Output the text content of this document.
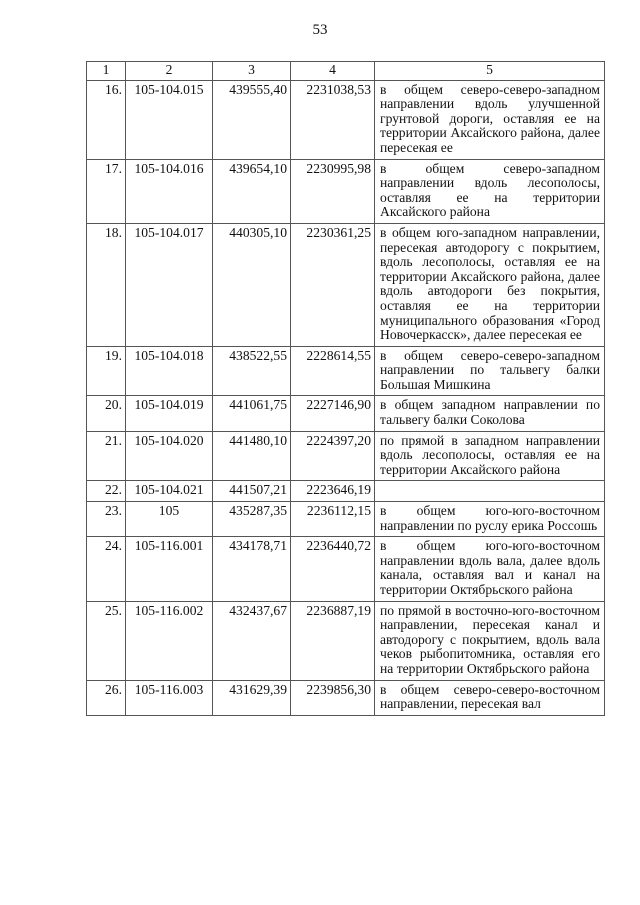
53
1	2	3	4	5
16.	105-104.015	439555,40	2231038,53	в общем северо-северо-западном направлении вдоль улучшенной грунтовой дороги, оставляя ее на территории Аксайского района, далее пересекая ее
17.	105-104.016	439654,10	2230995,98	в общем северо-западном направлении вдоль лесополосы, оставляя ее на территории Аксайского района
18.	105-104.017	440305,10	2230361,25	в общем юго-западном направлении, пересекая автодорогу с покрытием, вдоль лесополосы, оставляя ее на территории Аксайского района, далее вдоль автодороги без покрытия, оставляя ее на территории муниципального образования «Город Новочеркасск», далее пересекая ее
19.	105-104.018	438522,55	2228614,55	в общем северо-северо-западном направлении по тальвегу балки Большая Мишкина
20.	105-104.019	441061,75	2227146,90	в общем западном направлении по тальвегу балки Соколова
21.	105-104.020	441480,10	2224397,20	по прямой в западном направлении вдоль лесополосы, оставляя ее на территории Аксайского района
22.	105-104.021	441507,21	2223646,19	
23.	105	435287,35	2236112,15	в общем юго-юго-восточном направлении по руслу ерика Россошь
24.	105-116.001	434178,71	2236440,72	в общем юго-юго-восточном направлении вдоль вала, далее вдоль канала, оставляя вал и канал на территории Октябрьского района
25.	105-116.002	432437,67	2236887,19	по прямой в восточно-юго-восточном направлении, пересекая канал и автодорогу с покрытием, вдоль вала чеков рыбопитомника, оставляя его на территории Октябрьского района
26.	105-116.003	431629,39	2239856,30	в общем северо-северо-восточном направлении, пересекая вал
